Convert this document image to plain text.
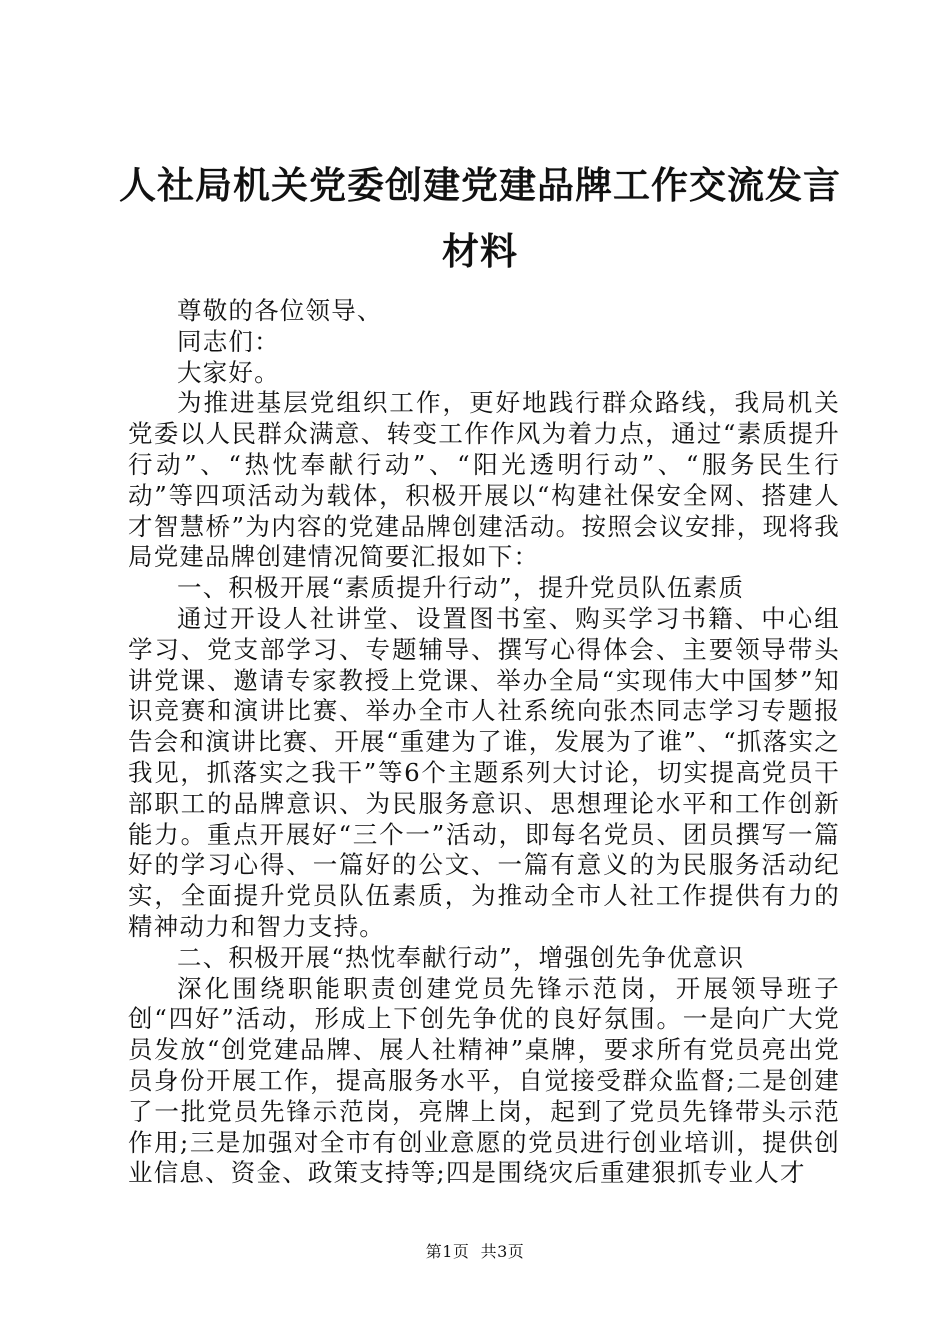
人社局机关党委创建党建品牌工作交流发言材料

尊敬的各位领导、

同志们：

大家好。

为推进基层党组织工作，更好地践行群众路线，我局机关党委以人民群众满意、转变工作作风为着力点，通过“素质提升行动”、“热忱奉献行动”、“阳光透明行动”、“服务民生行动”等四项活动为载体，积极开展以“构建社保安全网、搭建人才智慧桥”为内容的党建品牌创建活动。按照会议安排，现将我局党建品牌创建情况简要汇报如下：

一、积极开展“素质提升行动”，提升党员队伍素质

通过开设人社讲堂、设置图书室、购买学习书籍、中心组学习、党支部学习、专题辅导、撰写心得体会、主要领导带头讲党课、邀请专家教授上党课、举办全局“实现伟大中国梦”知识竞赛和演讲比赛、举办全市人社系统向张杰同志学习专题报告会和演讲比赛、开展“重建为了谁，发展为了谁”、“抓落实之我见，抓落实之我干”等6个主题系列大讨论，切实提高党员干部职工的品牌意识、为民服务意识、思想理论水平和工作创新能力。重点开展好“三个一”活动，即每名党员、团员撰写一篇好的学习心得、一篇好的公文、一篇有意义的为民服务活动纪实，全面提升党员队伍素质，为推动全市人社工作提供有力的精神动力和智力支持。

二、积极开展“热忱奉献行动”，增强创先争优意识

深化围绕职能职责创建党员先锋示范岗，开展领导班子创“四好”活动，形成上下创先争优的良好氛围。一是向广大党员发放“创党建品牌、展人社精神”桌牌，要求所有党员亮出党员身份开展工作，提高服务水平，自觉接受群众监督;二是创建了一批党员先锋示范岗，亮牌上岗，起到了党员先锋带头示范作用;三是加强对全市有创业意愿的党员进行创业培训，提供创业信息、资金、政策支持等;四是围绕灾后重建狠抓专业人才

第1页  共3页
